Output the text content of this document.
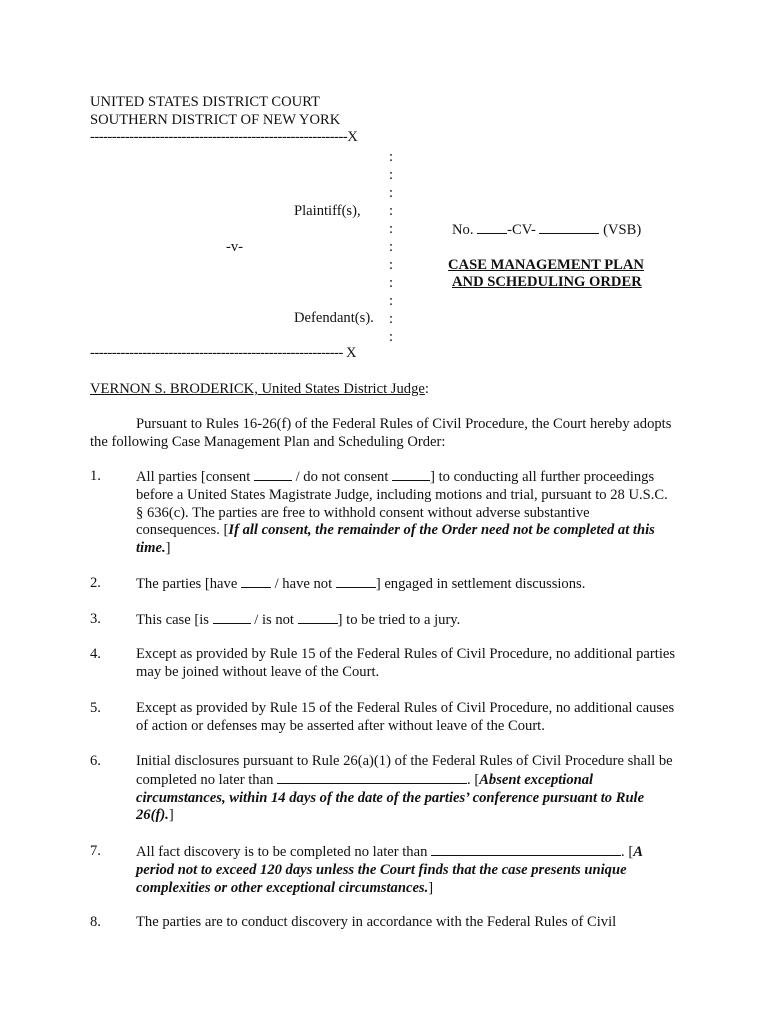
UNITED STATES DISTRICT COURT
SOUTHERN DISTRICT OF NEW YORK
-----------------------------------------------------------X
:
:
:
:
:
:
:
:
:
:
:
Plaintiff(s),
-v-
Defendant(s).
---------------------------------------------------------- X
No. -CV-	(VSB)
CASE MANAGEMENT PLAN
AND SCHEDULING ORDER
VERNON S. BRODERICK, United States District Judge:
Pursuant to Rules 16-26(f) of the Federal Rules of Civil Procedure, the Court hereby adopts the following Case Management Plan and Scheduling Order:
1. All parties [consent	/ do not consent	] to conducting all further proceedings before a United States Magistrate Judge, including motions and trial, pursuant to 28 U.S.C. § 636(c). The parties are free to withhold consent without adverse substantive consequences. [If all consent, the remainder of the Order need not be completed at this time.]
2. The parties [have  / have not	] engaged in settlement discussions.
3. This case [is	/ is not	] to be tried to a jury.
4. Except as provided by Rule 15 of the Federal Rules of Civil Procedure, no additional parties may be joined without leave of the Court.
5. Except as provided by Rule 15 of the Federal Rules of Civil Procedure, no additional causes of action or defenses may be asserted after without leave of the Court.
6. Initial disclosures pursuant to Rule 26(a)(1) of the Federal Rules of Civil Procedure shall be completed no later than	. [Absent exceptional circumstances, within 14 days of the date of the parties’ conference pursuant to Rule 26(f).]
7. All fact discovery is to be completed no later than	. [A period not to exceed 120 days unless the Court finds that the case presents unique complexities or other exceptional circumstances.]
8. The parties are to conduct discovery in accordance with the Federal Rules of Civil
